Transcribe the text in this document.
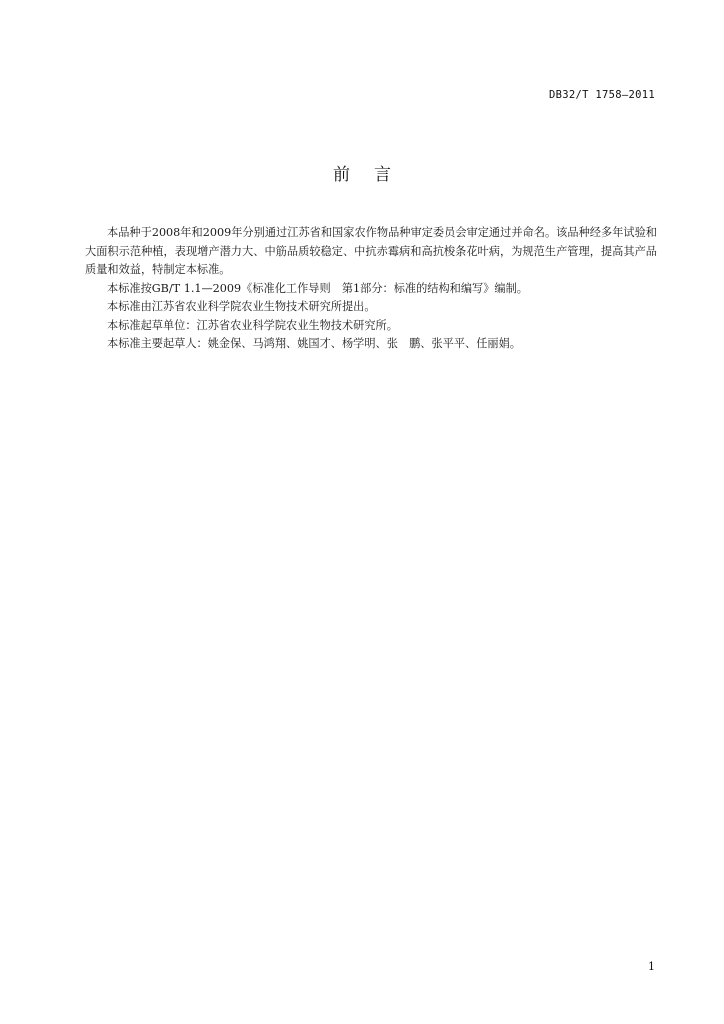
DB32/T 1758—2011
前言

本品种于2008年和2009年分别通过江苏省和国家农作物品种审定委员会审定通过并命名。该品种经多年试验和大面积示范种植，表现增产潜力大、中筋品质较稳定、中抗赤霉病和高抗梭条花叶病，为规范生产管理，提高其产品质量和效益，特制定本标准。

本标准按GB/T 1.1—2009《标准化工作导则　第1部分：标准的结构和编写》编制。

本标准由江苏省农业科学院农业生物技术研究所提出。

本标准起草单位：江苏省农业科学院农业生物技术研究所。

本标准主要起草人：姚金保、马鸿翔、姚国才、杨学明、张　鹏、张平平、任丽娟。

1
